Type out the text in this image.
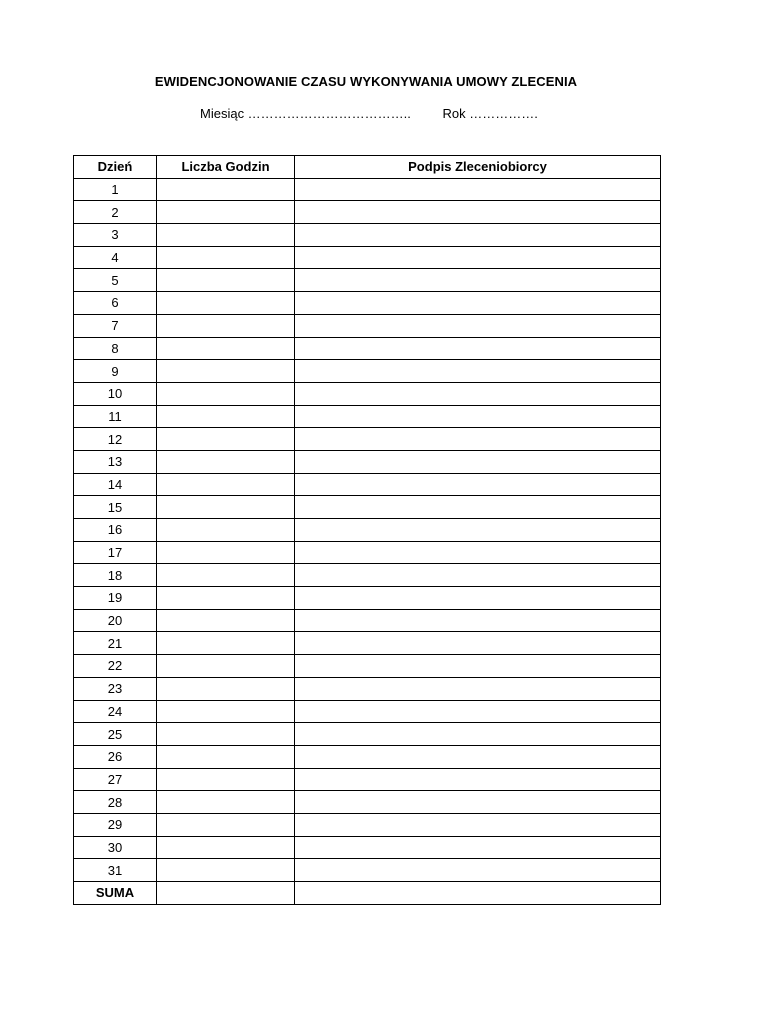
EWIDENCJONOWANIE CZASU WYKONYWANIA UMOWY ZLECENIA
Miesiąc ……………………………….. Rok …………….
Dzień	Liczba Godzin	Podpis Zleceniobiorcy
1		
2		
3		
4		
5		
6		
7		
8		
9		
10		
11		
12		
13		
14		
15		
16		
17		
18		
19		
20		
21		
22		
23		
24		
25		
26		
27		
28		
29		
30		
31		
SUMA		
